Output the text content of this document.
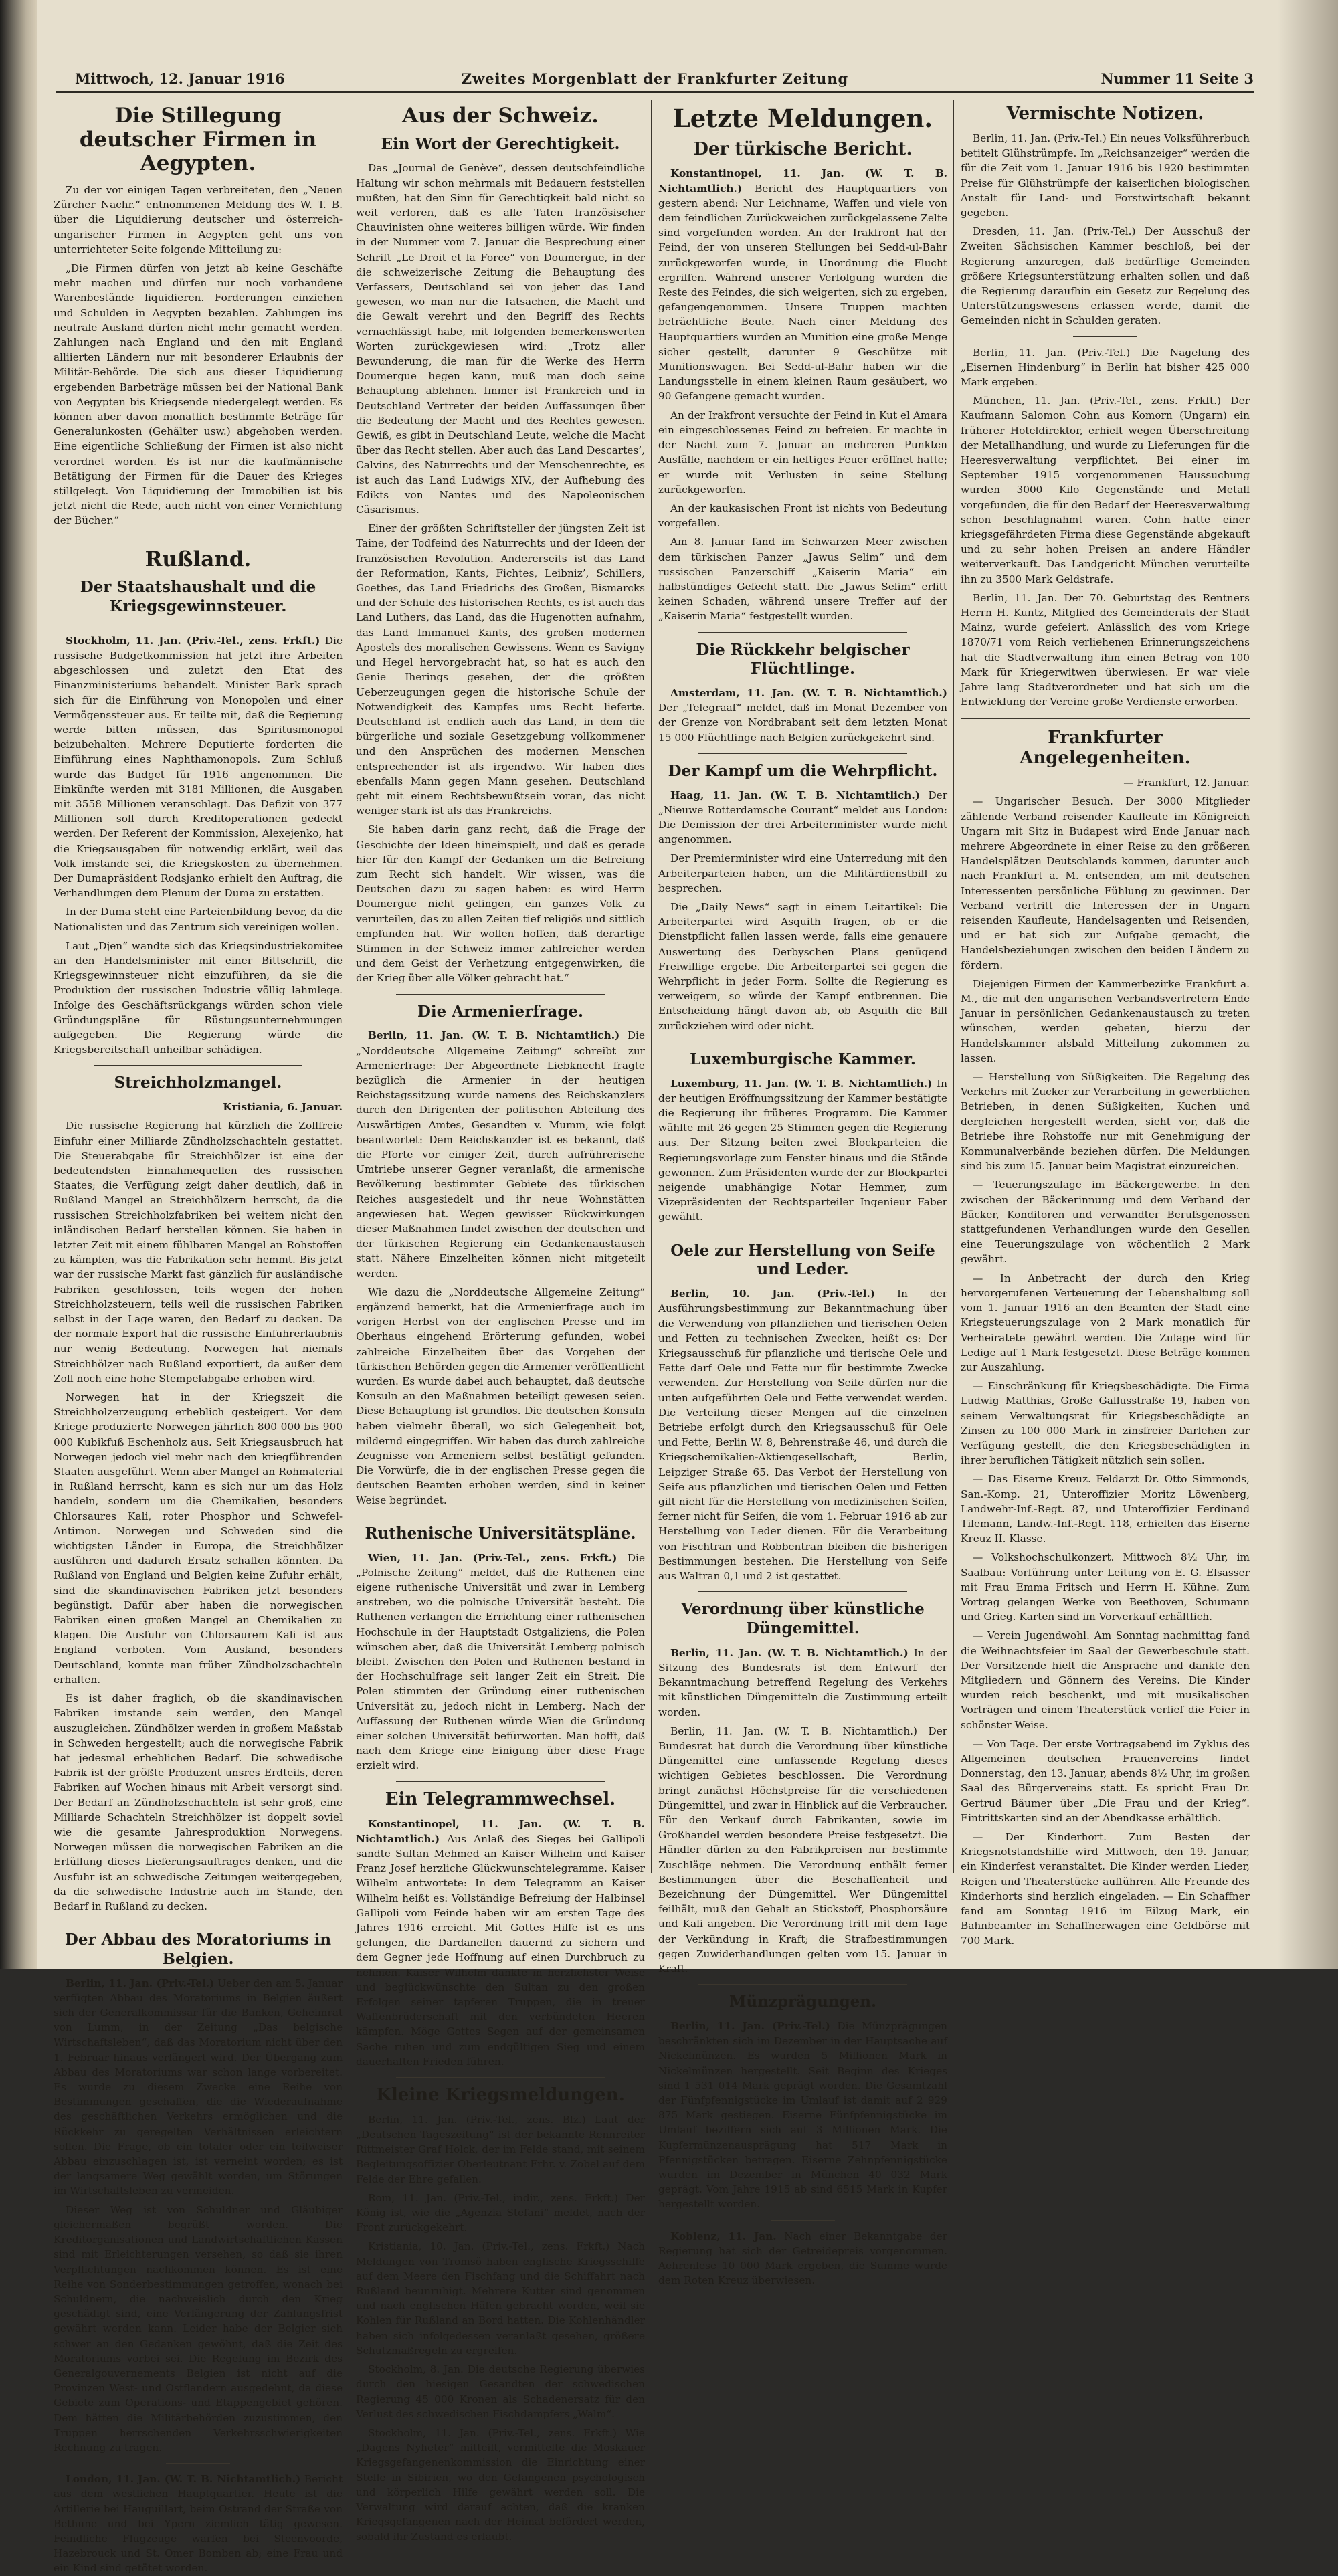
Mittwoch, 12. Januar 1916	Zweites Morgenblatt der Frankfurter Zeitung	Nummer 11 Seite 3
Die Stillegung deutscher Firmen in Aegypten.

Zu der vor einigen Tagen verbreiteten, den „Neuen Zürcher Nachr.“ entnommenen Meldung des W. T. B. über die Liquidierung deutscher und österreich-ungarischer Firmen in Aegypten geht uns von unterrichteter Seite folgende Mitteilung zu:

„Die Firmen dürfen von jetzt ab keine Geschäfte mehr machen und dürfen nur noch vorhandene Warenbestände liquidieren. Forderungen einziehen und Schulden in Aegypten bezahlen. Zahlungen ins neutrale Ausland dürfen nicht mehr gemacht werden. Zahlungen nach England und den mit England alliierten Ländern nur mit besonderer Erlaubnis der Militär-Behörde. Die sich aus dieser Liquidierung ergebenden Barbeträge müssen bei der National Bank von Aegypten bis Kriegsende niedergelegt werden. Es können aber davon monatlich bestimmte Beträge für Generalunkosten (Gehälter usw.) abgehoben werden. Eine eigentliche Schließung der Firmen ist also nicht verordnet worden. Es ist nur die kaufmännische Betätigung der Firmen für die Dauer des Krieges stillgelegt. Von Liquidierung der Immobilien ist bis jetzt nicht die Rede, auch nicht von einer Vernichtung der Bücher.“

Rußland.
Der Staatshaushalt und die Kriegsgewinnsteuer.

Stockholm, 11. Jan. (Priv.-Tel., zens. Frkft.) Die russische Budgetkommission hat jetzt ihre Arbeiten abgeschlossen und zuletzt den Etat des Finanzministeriums behandelt. Minister Bark sprach sich für die Einführung von Monopolen und einer Vermögenssteuer aus. Er teilte mit, daß die Regierung werde bitten müssen, das Spiritusmonopol beizubehalten. Mehrere Deputierte forderten die Einführung eines Naphthamonopols. Zum Schluß wurde das Budget für 1916 angenommen. Die Einkünfte werden mit 3181 Millionen, die Ausgaben mit 3558 Millionen veranschlagt. Das Defizit von 377 Millionen soll durch Kreditoperationen gedeckt werden. Der Referent der Kommission, Alexejenko, hat die Kriegsausgaben für notwendig erklärt, weil das Volk imstande sei, die Kriegskosten zu übernehmen. Der Dumapräsident Rodsjanko erhielt den Auftrag, die Verhandlungen dem Plenum der Duma zu erstatten.

In der Duma steht eine Parteienbildung bevor, da die Nationalisten und das Zentrum sich vereinigen wollen.

Laut „Djen“ wandte sich das Kriegsindustriekomitee an den Handelsminister mit einer Bittschrift, die Kriegsgewinnsteuer nicht einzuführen, da sie die Produktion der russischen Industrie völlig lahmlege. Infolge des Geschäftsrückgangs würden schon viele Gründungspläne für Rüstungsunternehmungen aufgegeben. Die Regierung würde die Kriegsbereitschaft unheilbar schädigen.

Streichholzmangel.

Kristiania, 6. Januar.

Die russische Regierung hat kürzlich die Zollfreie Einfuhr einer Milliarde Zündholzschachteln gestattet. Die Steuerabgabe für Streichhölzer ist eine der bedeutendsten Einnahmequellen des russischen Staates; die Verfügung zeigt daher deutlich, daß in Rußland Mangel an Streichhölzern herrscht, da die russischen Streichholzfabriken bei weitem nicht den inländischen Bedarf herstellen können. Sie haben in letzter Zeit mit einem fühlbaren Mangel an Rohstoffen zu kämpfen, was die Fabrikation sehr hemmt. Bis jetzt war der russische Markt fast gänzlich für ausländische Fabriken geschlossen, teils wegen der hohen Streichholzsteuern, teils weil die russischen Fabriken selbst in der Lage waren, den Bedarf zu decken. Da der normale Export hat die russische Einfuhrerlaubnis nur wenig Bedeutung. Norwegen hat niemals Streichhölzer nach Rußland exportiert, da außer dem Zoll noch eine hohe Stempelabgabe erhoben wird.

Norwegen hat in der Kriegszeit die Streichholzerzeugung erheblich gesteigert. Vor dem Kriege produzierte Norwegen jährlich 800 000 bis 900 000 Kubikfuß Eschenholz aus. Seit Kriegsausbruch hat Norwegen jedoch viel mehr nach den kriegführenden Staaten ausgeführt. Wenn aber Mangel an Rohmaterial in Rußland herrscht, kann es sich nur um das Holz handeln, sondern um die Chemikalien, besonders Chlorsaures Kali, roter Phosphor und Schwefel-Antimon. Norwegen und Schweden sind die wichtigsten Länder in Europa, die Streichhölzer ausführen und dadurch Ersatz schaffen könnten. Da Rußland von England und Belgien keine Zufuhr erhält, sind die skandinavischen Fabriken jetzt besonders begünstigt. Dafür aber haben die norwegischen Fabriken einen großen Mangel an Chemikalien zu klagen. Die Ausfuhr von Chlorsaurem Kali ist aus England verboten. Vom Ausland, besonders Deutschland, konnte man früher Zündholzschachteln erhalten.

Es ist daher fraglich, ob die skandinavischen Fabriken imstande sein werden, den Mangel auszugleichen. Zündhölzer werden in großem Maßstab in Schweden hergestellt; auch die norwegische Fabrik hat jedesmal erheblichen Bedarf. Die schwedische Fabrik ist der größte Produzent unsres Erdteils, deren Fabriken auf Wochen hinaus mit Arbeit versorgt sind. Der Bedarf an Zündholzschachteln ist sehr groß, eine Milliarde Schachteln Streichhölzer ist doppelt soviel wie die gesamte Jahresproduktion Norwegens. Norwegen müssen die norwegischen Fabriken an die Erfüllung dieses Lieferungsauftrages denken, und die Ausfuhr ist an schwedische Zeitungen weitergegeben, da die schwedische Industrie auch im Stande, den Bedarf in Rußland zu decken.

Der Abbau des Moratoriums in Belgien.

Berlin, 11. Jan. (Priv.-Tel.) Ueber den am 5. Januar verfügten Abbau des Moratoriums in Belgien äußert sich der Generalkommissar für die Banken, Geheimrat von Lumm, in der Zeitung „Das belgische Wirtschaftsleben“, daß das Moratorium nicht über den 1. Februar hinaus verlängert wird. Der Übergang zum Abbau des Moratoriums war schon lange vorbereitet. Es wurde zu diesem Zwecke eine Reihe von Bestimmungen geschaffen, die die Wiederaufnahme des geschäftlichen Verkehrs ermöglichen und die Rückkehr zu geregelten Verhältnissen erleichtern sollen. Die Frage, ob ein totaler oder ein teilweiser Abbau einzuschlagen ist, ist verneint worden; es ist der langsamere Weg gewählt worden, um Störungen im Wirtschaftsleben zu vermeiden.

Dieser Weg ist von Schuldner und Gläubiger gleichermaßen begrüßt worden. Die Kreditorganisationen und Landwirtschaftlichen Kassen sind mit Erleichterungen versehen, so daß sie ihren Verpflichtungen nachkommen können. Es ist eine Reihe von Sonderbestimmungen getroffen, wonach bei Schuldnern, die nachweislich durch den Krieg geschädigt sind, eine Verlängerung der Zahlungsfrist gewährt werden kann. Leider habe der Belgier sich schwer an den Gedanken gewöhnt, daß die Zeit des Moratoriums vorbei sei. Die Regelung im Bezirk des Generalgouvernements Belgien ist nicht auf die Provinzen West- und Ostflandern ausgedehnt, da diese Gebiete zum Operations- und Etappengebiet gehören. Dem hätten die Militärbehörden zuzustimmen, den Truppen herrschenden Verkehrsschwierigkeiten Rechnung zu tragen.

London, 11. Jan. (W. T. B. Nichtamtlich.) Bericht aus dem westlichen Hauptquartier. Heute ist die Artillerie bei Hauguillart, beim Ostrand der Straße von Bethune und bei Ypern ziemlich tätig gewesen. Feindliche Flugzeuge warfen bei Steenvoorde, Hazebrouck und St. Omer Bomben ab; eine Frau und ein Kind sind getötet worden.

Aus der Schweiz.
Ein Wort der Gerechtigkeit.

Das „Journal de Genève“, dessen deutschfeindliche Haltung wir schon mehrmals mit Bedauern feststellen mußten, hat den Sinn für Gerechtigkeit bald nicht so weit verloren, daß es alle Taten französischer Chauvinisten ohne weiteres billigen würde. Wir finden in der Nummer vom 7. Januar die Besprechung einer Schrift „Le Droit et la Force“ von Doumergue, in der die schweizerische Zeitung die Behauptung des Verfassers, Deutschland sei von jeher das Land gewesen, wo man nur die Tatsachen, die Macht und die Gewalt verehrt und den Begriff des Rechts vernachlässigt habe, mit folgenden bemerkenswerten Worten zurückgewiesen wird: „Trotz aller Bewunderung, die man für die Werke des Herrn Doumergue hegen kann, muß man doch seine Behauptung ablehnen. Immer ist Frankreich und in Deutschland Vertreter der beiden Auffassungen über die Bedeutung der Macht und des Rechtes gewesen. Gewiß, es gibt in Deutschland Leute, welche die Macht über das Recht stellen. Aber auch das Land Descartes’, Calvins, des Naturrechts und der Menschenrechte, es ist auch das Land Ludwigs XIV., der Aufhebung des Edikts von Nantes und des Napoleonischen Cäsarismus.

Einer der größten Schriftsteller der jüngsten Zeit ist Taine, der Todfeind des Naturrechts und der Ideen der französischen Revolution. Andererseits ist das Land der Reformation, Kants, Fichtes, Leibniz’, Schillers, Goethes, das Land Friedrichs des Großen, Bismarcks und der Schule des historischen Rechts, es ist auch das Land Luthers, das Land, das die Hugenotten aufnahm, das Land Immanuel Kants, des großen modernen Apostels des moralischen Gewissens. Wenn es Savigny und Hegel hervorgebracht hat, so hat es auch den Genie Iherings gesehen, der die größten Ueberzeugungen gegen die historische Schule der Notwendigkeit des Kampfes ums Recht lieferte. Deutschland ist endlich auch das Land, in dem die bürgerliche und soziale Gesetzgebung vollkommener und den Ansprüchen des modernen Menschen entsprechender ist als irgendwo. Wir haben dies ebenfalls Mann gegen Mann gesehen. Deutschland geht mit einem Rechtsbewußtsein voran, das nicht weniger stark ist als das Frankreichs.

Sie haben darin ganz recht, daß die Frage der Geschichte der Ideen hineinspielt, und daß es gerade hier für den Kampf der Gedanken um die Befreiung zum Recht sich handelt. Wir wissen, was die Deutschen dazu zu sagen haben: es wird Herrn Doumergue nicht gelingen, ein ganzes Volk zu verurteilen, das zu allen Zeiten tief religiös und sittlich empfunden hat. Wir wollen hoffen, daß derartige Stimmen in der Schweiz immer zahlreicher werden und dem Geist der Verhetzung entgegenwirken, die der Krieg über alle Völker gebracht hat.“

Die Armenierfrage.

Berlin, 11. Jan. (W. T. B. Nichtamtlich.) Die „Norddeutsche Allgemeine Zeitung“ schreibt zur Armenierfrage: Der Abgeordnete Liebknecht fragte bezüglich die Armenier in der heutigen Reichstagssitzung wurde namens des Reichskanzlers durch den Dirigenten der politischen Abteilung des Auswärtigen Amtes, Gesandten v. Mumm, wie folgt beantwortet: Dem Reichskanzler ist es bekannt, daß die Pforte vor einiger Zeit, durch aufrührerische Umtriebe unserer Gegner veranlaßt, die armenische Bevölkerung bestimmter Gebiete des türkischen Reiches ausgesiedelt und ihr neue Wohnstätten angewiesen hat. Wegen gewisser Rückwirkungen dieser Maßnahmen findet zwischen der deutschen und der türkischen Regierung ein Gedankenaustausch statt. Nähere Einzelheiten können nicht mitgeteilt werden.

Wie dazu die „Norddeutsche Allgemeine Zeitung“ ergänzend bemerkt, hat die Armenierfrage auch im vorigen Herbst von der englischen Presse und im Oberhaus eingehend Erörterung gefunden, wobei zahlreiche Einzelheiten über das Vorgehen der türkischen Behörden gegen die Armenier veröffentlicht wurden. Es wurde dabei auch behauptet, daß deutsche Konsuln an den Maßnahmen beteiligt gewesen seien. Diese Behauptung ist grundlos. Die deutschen Konsuln haben vielmehr überall, wo sich Gelegenheit bot, mildernd eingegriffen. Wir haben das durch zahlreiche Zeugnisse von Armeniern selbst bestätigt gefunden. Die Vorwürfe, die in der englischen Presse gegen die deutschen Beamten erhoben werden, sind in keiner Weise begründet.

Ruthenische Universitätspläne.

Wien, 11. Jan. (Priv.-Tel., zens. Frkft.) Die „Polnische Zeitung“ meldet, daß die Ruthenen eine eigene ruthenische Universität und zwar in Lemberg anstreben, wo die polnische Universität besteht. Die Ruthenen verlangen die Errichtung einer ruthenischen Hochschule in der Hauptstadt Ostgaliziens, die Polen wünschen aber, daß die Universität Lemberg polnisch bleibt. Zwischen den Polen und Ruthenen bestand in der Hochschulfrage seit langer Zeit ein Streit. Die Polen stimmten der Gründung einer ruthenischen Universität zu, jedoch nicht in Lemberg. Nach der Auffassung der Ruthenen würde Wien die Gründung einer solchen Universität befürworten. Man hofft, daß nach dem Kriege eine Einigung über diese Frage erzielt wird.

Ein Telegrammwechsel.

Konstantinopel, 11. Jan. (W. T. B. Nichtamtlich.) Aus Anlaß des Sieges bei Gallipoli sandte Sultan Mehmed an Kaiser Wilhelm und Kaiser Franz Josef herzliche Glückwunschtelegramme. Kaiser Wilhelm antwortete: In dem Telegramm an Kaiser Wilhelm heißt es: Vollständige Befreiung der Halbinsel Gallipoli vom Feinde haben wir am ersten Tage des Jahres 1916 erreicht. Mit Gottes Hilfe ist es uns gelungen, die Dardanellen dauernd zu sichern und dem Gegner jede Hoffnung auf einen Durchbruch zu nehmen. Kaiser Wilhelm dankte in herzlichster Weise und beglückwünschte den Sultan zu den großen Erfolgen seiner tapferen Truppen, die in treuer Waffenbrüderschaft mit den verbündeten Heeren kämpfen. Möge Gottes Segen auf der gemeinsamen Sache ruhen und zum endgültigen Sieg und einem dauerhaften Frieden führen.

Kleine Kriegsmeldungen.

Berlin, 11. Jan. (Priv.-Tel., zens. Blz.) Laut der „Deutschen Tageszeitung“ ist der bekannte Rennreiter Rittmeister Graf Holck, der im Felde stand, mit seinem Begleitungsoffizier Oberleutnant Frhr. v. Zobel auf dem Felde der Ehre gefallen.

Rom, 11. Jan. (Priv.-Tel., indir., zens. Frkft.) Der König ist, wie die „Agenzia Stefani“ meldet, nach der Front zurückgekehrt.

Kristiania, 10. Jan. (Priv.-Tel., zens. Frkft.) Nach Meldungen von Tromsö haben englische Kriegsschiffe auf dem Meere den Fischfang und die Schiffahrt nach Rußland beunruhigt. Mehrere Kutter sind genommen und nach englischen Häfen gebracht worden, weil sie Kohlen für Rußland an Bord hatten. Die Kohlenhändler haben sich infolgedessen veranlaßt gesehen, größere Schutzmaßregeln zu ergreifen.

Stockholm, 8. Jan. Die deutsche Regierung überwies durch den hiesigen Gesandten der schwedischen Regierung 45 000 Kronen als Schadenersatz für den Verlust des schwedischen Fischdampfers „Walm“.

Stockholm, 11. Jan. (Priv.-Tel., zens. Frkft.) Wie „Dagens Nyheter“ mitteilt, vermittelte die Moskauer Kriegsgefangenenkommission die Einrichtung einer Stelle in Sibirien, wo den Gefangenen psychologisch und körperlich Hilfe gewährt werden soll. Die Verwaltung wird darauf achten, daß die kranken Kriegsgefangenen nach der Heimat befördert werden, sobald ihr Zustand es erlaubt.

Letzte Meldungen.
Der türkische Bericht.

Konstantinopel, 11. Jan. (W. T. B. Nichtamtlich.) Bericht des Hauptquartiers von gestern abend: Nur Leichname, Waffen und viele von dem feindlichen Zurückweichen zurückgelassene Zelte sind vorgefunden worden. An der Irakfront hat der Feind, der von unseren Stellungen bei Sedd-ul-Bahr zurückgeworfen wurde, in Unordnung die Flucht ergriffen. Während unserer Verfolgung wurden die Reste des Feindes, die sich weigerten, sich zu ergeben, gefangengenommen. Unsere Truppen machten beträchtliche Beute. Nach einer Meldung des Hauptquartiers wurden an Munition eine große Menge sicher gestellt, darunter 9 Geschütze mit Munitionswagen. Bei Sedd-ul-Bahr haben wir die Landungsstelle in einem kleinen Raum gesäubert, wo 90 Gefangene gemacht wurden.

An der Irakfront versuchte der Feind in Kut el Amara ein eingeschlossenes Feind zu befreien. Er machte in der Nacht zum 7. Januar an mehreren Punkten Ausfälle, nachdem er ein heftiges Feuer eröffnet hatte; er wurde mit Verlusten in seine Stellung zurückgeworfen.

An der kaukasischen Front ist nichts von Bedeutung vorgefallen.

Am 8. Januar fand im Schwarzen Meer zwischen dem türkischen Panzer „Jawus Selim“ und dem russischen Panzerschiff „Kaiserin Maria“ ein halbstündiges Gefecht statt. Die „Jawus Selim“ erlitt keinen Schaden, während unsere Treffer auf der „Kaiserin Maria“ festgestellt wurden.

Die Rückkehr belgischer Flüchtlinge.

Amsterdam, 11. Jan. (W. T. B. Nichtamtlich.) Der „Telegraaf“ meldet, daß im Monat Dezember von der Grenze von Nordbrabant seit dem letzten Monat 15 000 Flüchtlinge nach Belgien zurückgekehrt sind.

Der Kampf um die Wehrpflicht.

Haag, 11. Jan. (W. T. B. Nichtamtlich.) Der „Nieuwe Rotterdamsche Courant“ meldet aus London: Die Demission der drei Arbeiterminister wurde nicht angenommen.

Der Premierminister wird eine Unterredung mit den Arbeiterparteien haben, um die Militärdienstbill zu besprechen.

Die „Daily News“ sagt in einem Leitartikel: Die Arbeiterpartei wird Asquith fragen, ob er die Dienstpflicht fallen lassen werde, falls eine genauere Auswertung des Derbyschen Plans genügend Freiwillige ergebe. Die Arbeiterpartei sei gegen die Wehrpflicht in jeder Form. Sollte die Regierung es verweigern, so würde der Kampf entbrennen. Die Entscheidung hängt davon ab, ob Asquith die Bill zurückziehen wird oder nicht.

Luxemburgische Kammer.

Luxemburg, 11. Jan. (W. T. B. Nichtamtlich.) In der heutigen Eröffnungssitzung der Kammer bestätigte die Regierung ihr früheres Programm. Die Kammer wählte mit 26 gegen 25 Stimmen gegen die Regierung aus. Der Sitzung beiten zwei Blockparteien die Regierungsvorlage zum Fenster hinaus und die Stände gewonnen. Zum Präsidenten wurde der zur Blockpartei neigende unabhängige Notar Hemmer, zum Vizepräsidenten der Rechtsparteiler Ingenieur Faber gewählt.

Oele zur Herstellung von Seife und Leder.

Berlin, 10. Jan. (Priv.-Tel.) In der Ausführungsbestimmung zur Bekanntmachung über die Verwendung von pflanzlichen und tierischen Oelen und Fetten zu technischen Zwecken, heißt es: Der Kriegsausschuß für pflanzliche und tierische Oele und Fette darf Oele und Fette nur für bestimmte Zwecke verwenden. Zur Herstellung von Seife dürfen nur die unten aufgeführten Oele und Fette verwendet werden. Die Verteilung dieser Mengen auf die einzelnen Betriebe erfolgt durch den Kriegsausschuß für Oele und Fette, Berlin W. 8, Behrenstraße 46, und durch die Kriegschemikalien-Aktiengesellschaft, Berlin, Leipziger Straße 65. Das Verbot der Herstellung von Seife aus pflanzlichen und tierischen Oelen und Fetten gilt nicht für die Herstellung von medizinischen Seifen, ferner nicht für Seifen, die vom 1. Februar 1916 ab zur Herstellung von Leder dienen. Für die Verarbeitung von Fischtran und Robbentran bleiben die bisherigen Bestimmungen bestehen. Die Herstellung von Seife aus Waltran 0,1 und 2 ist gestattet.

Verordnung über künstliche Düngemittel.

Berlin, 11. Jan. (W. T. B. Nichtamtlich.) In der Sitzung des Bundesrats ist dem Entwurf der Bekanntmachung betreffend Regelung des Verkehrs mit künstlichen Düngemitteln die Zustimmung erteilt worden.

Berlin, 11. Jan. (W. T. B. Nichtamtlich.) Der Bundesrat hat durch die Verordnung über künstliche Düngemittel eine umfassende Regelung dieses wichtigen Gebietes beschlossen. Die Verordnung bringt zunächst Höchstpreise für die verschiedenen Düngemittel, und zwar in Hinblick auf die Verbraucher. Für den Verkauf durch Fabrikanten, sowie im Großhandel werden besondere Preise festgesetzt. Die Händler dürfen zu den Fabrikpreisen nur bestimmte Zuschläge nehmen. Die Verordnung enthält ferner Bestimmungen über die Beschaffenheit und Bezeichnung der Düngemittel. Wer Düngemittel feilhält, muß den Gehalt an Stickstoff, Phosphorsäure und Kali angeben. Die Verordnung tritt mit dem Tage der Verkündung in Kraft; die Strafbestimmungen gegen Zuwiderhandlungen gelten vom 15. Januar in Kraft.

Münzprägungen.

Berlin, 11. Jan. (Priv.-Tel.) Die Münzprägungen beschränkten sich im Dezember in der Hauptsache auf Nickelmünzen. Es wurden 5 Millionen Mark in Nickelmünzen hergestellt. Seit Beginn des Krieges sind 1 531 014 Mark geprägt worden. Die Gesamtzahl der Fünfpfennigstücke im Umlauf ist damit auf 2 929 875 Mark gestiegen. Eiserne Fünfpfennigstücke im Umlauf beziffern sich auf 3 Millionen Mark. Die Kupfermünzenausprägung hat 517 Mark in Pfennigstücken betragen. Eiserne Zehnpfennigstücke wurden im Dezember in München 40 032 Mark geprägt. Vom Jahre 1915 ab sind 6515 Mark in Kupfer hergestellt worden.

Koblenz, 11. Jan. Nach einer Bekanntgabe der Regierung hat sich der Getreidepreis vorgenommen. Aehrenlese 10 000 Mark ergeben, die Summe wurde dem Roten Kreuz überwiesen.

Vermischte Notizen.

Berlin, 11. Jan. (Priv.-Tel.) Ein neues Volksführerbuch betitelt Glühstrümpfe. Im „Reichsanzeiger“ werden die für die Zeit vom 1. Januar 1916 bis 1920 bestimmten Preise für Glühstrümpfe der kaiserlichen biologischen Anstalt für Land- und Forstwirtschaft bekannt gegeben.

Dresden, 11. Jan. (Priv.-Tel.) Der Ausschuß der Zweiten Sächsischen Kammer beschloß, bei der Regierung anzuregen, daß bedürftige Gemeinden größere Kriegsunterstützung erhalten sollen und daß die Regierung daraufhin ein Gesetz zur Regelung des Unterstützungswesens erlassen werde, damit die Gemeinden nicht in Schulden geraten.

Berlin, 11. Jan. (Priv.-Tel.) Die Nagelung des „Eisernen Hindenburg“ in Berlin hat bisher 425 000 Mark ergeben.

München, 11. Jan. (Priv.-Tel., zens. Frkft.) Der Kaufmann Salomon Cohn aus Komorn (Ungarn) ein früherer Hoteldirektor, erhielt wegen Überschreitung der Metallhandlung, und wurde zu Lieferungen für die Heeresverwaltung verpflichtet. Bei einer im September 1915 vorgenommenen Haussuchung wurden 3000 Kilo Gegenstände und Metall vorgefunden, die für den Bedarf der Heeresverwaltung schon beschlagnahmt waren. Cohn hatte einer kriegsgefährdeten Firma diese Gegenstände abgekauft und zu sehr hohen Preisen an andere Händler weiterverkauft. Das Landgericht München verurteilte ihn zu 3500 Mark Geldstrafe.

Berlin, 11. Jan. Der 70. Geburtstag des Rentners Herrn H. Kuntz, Mitglied des Gemeinderats der Stadt Mainz, wurde gefeiert. Anlässlich des vom Kriege 1870/71 vom Reich verliehenen Erinnerungszeichens hat die Stadtverwaltung ihm einen Betrag von 100 Mark für Kriegerwitwen überwiesen. Er war viele Jahre lang Stadtverordneter und hat sich um die Entwicklung der Vereine große Verdienste erworben.

Frankfurter Angelegenheiten.

— Frankfurt, 12. Januar.

— Ungarischer Besuch. Der 3000 Mitglieder zählende Verband reisender Kaufleute im Königreich Ungarn mit Sitz in Budapest wird Ende Januar nach mehrere Abgeordnete in einer Reise zu den größeren Handelsplätzen Deutschlands kommen, darunter auch nach Frankfurt a. M. entsenden, um mit deutschen Interessenten persönliche Fühlung zu gewinnen. Der Verband vertritt die Interessen der in Ungarn reisenden Kaufleute, Handelsagenten und Reisenden, und er hat sich zur Aufgabe gemacht, die Handelsbeziehungen zwischen den beiden Ländern zu fördern.

Diejenigen Firmen der Kammerbezirke Frankfurt a. M., die mit den ungarischen Verbandsvertretern Ende Januar in persönlichen Gedankenaustausch zu treten wünschen, werden gebeten, hierzu der Handelskammer alsbald Mitteilung zukommen zu lassen.

— Herstellung von Süßigkeiten. Die Regelung des Verkehrs mit Zucker zur Verarbeitung in gewerblichen Betrieben, in denen Süßigkeiten, Kuchen und dergleichen hergestellt werden, sieht vor, daß die Betriebe ihre Rohstoffe nur mit Genehmigung der Kommunalverbände beziehen dürfen. Die Meldungen sind bis zum 15. Januar beim Magistrat einzureichen.

— Teuerungszulage im Bäckergewerbe. In den zwischen der Bäckerinnung und dem Verband der Bäcker, Konditoren und verwandter Berufsgenossen stattgefundenen Verhandlungen wurde den Gesellen eine Teuerungszulage von wöchentlich 2 Mark gewährt.

— In Anbetracht der durch den Krieg hervorgerufenen Verteuerung der Lebenshaltung soll vom 1. Januar 1916 an den Beamten der Stadt eine Kriegsteuerungszulage von 2 Mark monatlich für Verheiratete gewährt werden. Die Zulage wird für Ledige auf 1 Mark festgesetzt. Diese Beträge kommen zur Auszahlung.

— Einschränkung für Kriegsbeschädigte. Die Firma Ludwig Matthias, Große Gallusstraße 19, haben von seinem Verwaltungsrat für Kriegsbeschädigte an Zinsen zu 100 000 Mark in zinsfreier Darlehen zur Verfügung gestellt, die den Kriegsbeschädigten in ihrer beruflichen Tätigkeit nützlich sein sollen.

— Das Eiserne Kreuz. Feldarzt Dr. Otto Simmonds, San.-Komp. 21, Unteroffizier Moritz Löwenberg, Landwehr-Inf.-Regt. 87, und Unteroffizier Ferdinand Tilemann, Landw.-Inf.-Regt. 118, erhielten das Eiserne Kreuz II. Klasse.

— Volkshochschulkonzert. Mittwoch 8½ Uhr, im Saalbau: Vorführung unter Leitung von E. G. Elsasser mit Frau Emma Fritsch und Herrn H. Kühne. Zum Vortrag gelangen Werke von Beethoven, Schumann und Grieg. Karten sind im Vorverkauf erhältlich.

— Verein Jugendwohl. Am Sonntag nachmittag fand die Weihnachtsfeier im Saal der Gewerbeschule statt. Der Vorsitzende hielt die Ansprache und dankte den Mitgliedern und Gönnern des Vereins. Die Kinder wurden reich beschenkt, und mit musikalischen Vorträgen und einem Theaterstück verlief die Feier in schönster Weise.

— Von Tage. Der erste Vortragsabend im Zyklus des Allgemeinen deutschen Frauenvereins findet Donnerstag, den 13. Januar, abends 8½ Uhr, im großen Saal des Bürgervereins statt. Es spricht Frau Dr. Gertrud Bäumer über „Die Frau und der Krieg“. Eintrittskarten sind an der Abendkasse erhältlich.

— Der Kinderhort. Zum Besten der Kriegsnotstandshilfe wird Mittwoch, den 19. Januar, ein Kinderfest veranstaltet. Die Kinder werden Lieder, Reigen und Theaterstücke aufführen. Alle Freunde des Kinderhorts sind herzlich eingeladen. — Ein Schaffner fand am Sonntag 1916 im Eilzug Mark, ein Bahnbeamter im Schaffnerwagen eine Geldbörse mit 700 Mark.
